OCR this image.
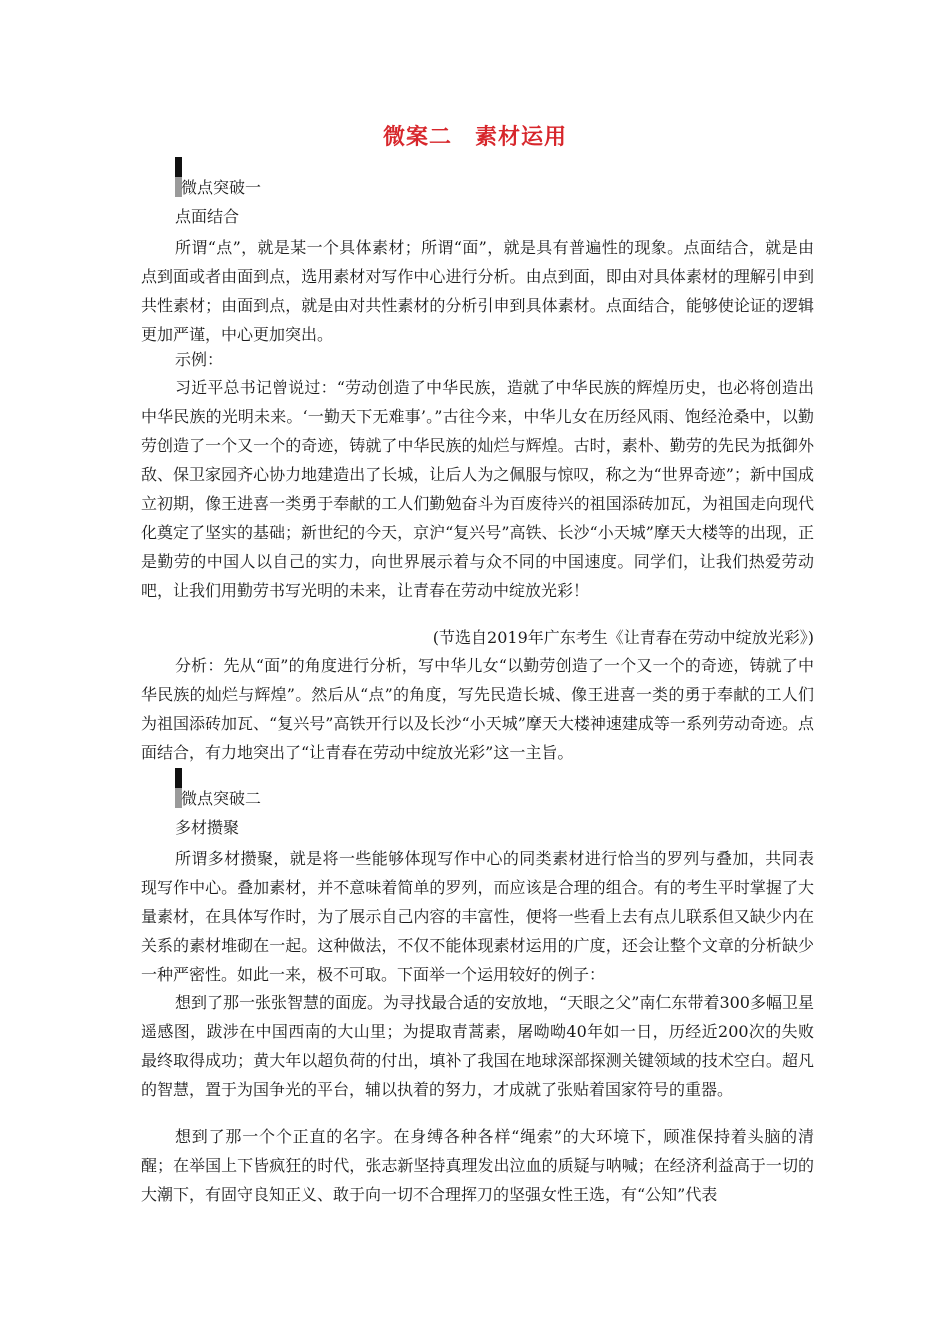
微案二　素材运用
微点突破一
点面结合

所谓“点”，就是某一个具体素材；所谓“面”，就是具有普遍性的现象。点面结合，就是由点到面或者由面到点，选用素材对写作中心进行分析。由点到面，即由对具体素材的理解引申到共性素材；由面到点，就是由对共性素材的分析引申到具体素材。点面结合，能够使论证的逻辑更加严谨，中心更加突出。

示例：

习近平总书记曾说过：“劳动创造了中华民族，造就了中华民族的辉煌历史，也必将创造出中华民族的光明未来。‘一勤天下无难事’。”古往今来，中华儿女在历经风雨、饱经沧桑中，以勤劳创造了一个又一个的奇迹，铸就了中华民族的灿烂与辉煌。古时，素朴、勤劳的先民为抵御外敌、保卫家园齐心协力地建造出了长城，让后人为之佩服与惊叹，称之为“世界奇迹”；新中国成立初期，像王进喜一类勇于奉献的工人们勤勉奋斗为百废待兴的祖国添砖加瓦，为祖国走向现代化奠定了坚实的基础；新世纪的今天，京沪“复兴号”高铁、长沙“小天城”摩天大楼等的出现，正是勤劳的中国人以自己的实力，向世界展示着与众不同的中国速度。同学们，让我们热爱劳动吧，让我们用勤劳书写光明的未来，让青春在劳动中绽放光彩！

(节选自2019年广东考生《让青春在劳动中绽放光彩》)

分析：先从“面”的角度进行分析，写中华儿女“以勤劳创造了一个又一个的奇迹，铸就了中华民族的灿烂与辉煌”。然后从“点”的角度，写先民造长城、像王进喜一类的勇于奉献的工人们为祖国添砖加瓦、“复兴号”高铁开行以及长沙“小天城”摩天大楼神速建成等一系列劳动奇迹。点面结合，有力地突出了“让青春在劳动中绽放光彩”这一主旨。

微点突破二
多材攒聚

所谓多材攒聚，就是将一些能够体现写作中心的同类素材进行恰当的罗列与叠加，共同表现写作中心。叠加素材，并不意味着简单的罗列，而应该是合理的组合。有的考生平时掌握了大量素材，在具体写作时，为了展示自己内容的丰富性，便将一些看上去有点儿联系但又缺少内在关系的素材堆砌在一起。这种做法，不仅不能体现素材运用的广度，还会让整个文章的分析缺少一种严密性。如此一来，极不可取。下面举一个运用较好的例子：

想到了那一张张智慧的面庞。为寻找最合适的安放地，“天眼之父”南仁东带着300多幅卫星遥感图，跋涉在中国西南的大山里；为提取青蒿素，屠呦呦40年如一日，历经近200次的失败最终取得成功；黄大年以超负荷的付出，填补了我国在地球深部探测关键领域的技术空白。超凡的智慧，置于为国争光的平台，辅以执着的努力，才成就了张贴着国家符号的重器。

想到了那一个个正直的名字。在身缚各种各样“绳索”的大环境下，顾准保持着头脑的清醒；在举国上下皆疯狂的时代，张志新坚持真理发出泣血的质疑与呐喊；在经济利益高于一切的大潮下，有固守良知正义、敢于向一切不合理挥刀的坚强女性王选，有“公知”代表
